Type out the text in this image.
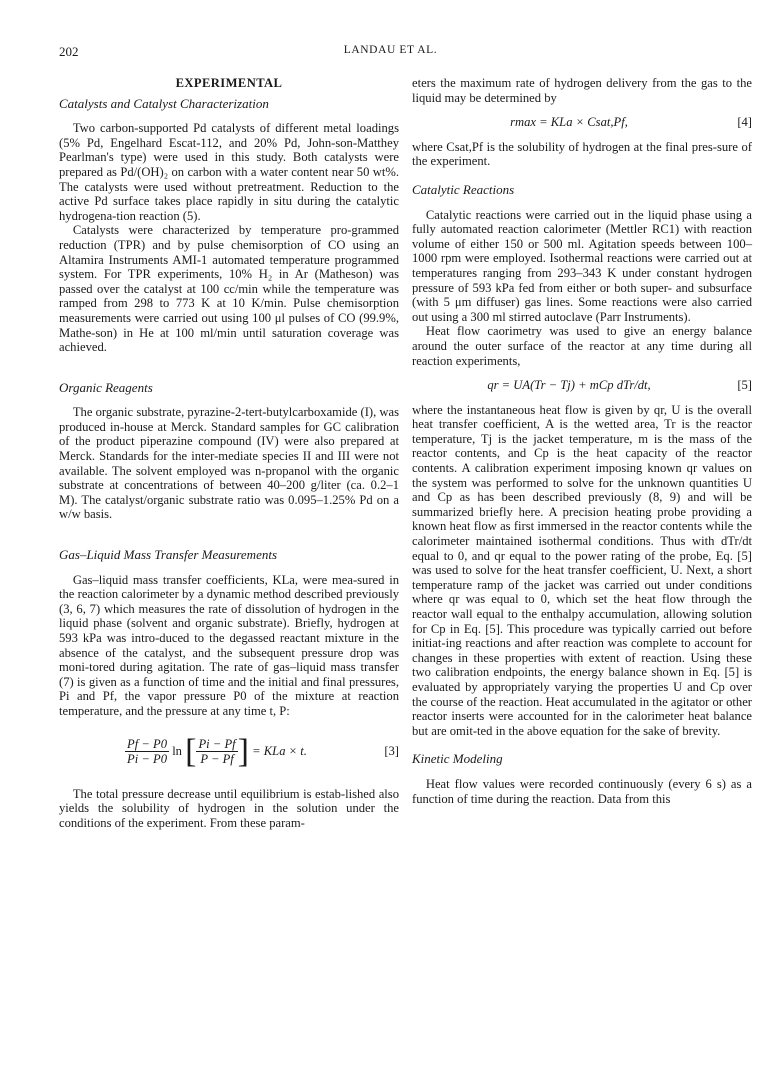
202	LANDAU ET AL.
EXPERIMENTAL
Catalysts and Catalyst Characterization

Two carbon-supported Pd catalysts of different metal loadings (5% Pd, Engelhard Escat-112, and 20% Pd, John-son-Matthey Pearlman's type) were used in this study. Both catalysts were prepared as Pd/(OH)₂ on carbon with a water content near 50 wt%. The catalysts were used without pretreatment. Reduction to the active Pd surface takes place rapidly in situ during the catalytic hydrogena-tion reaction (5).

Catalysts were characterized by temperature pro-grammed reduction (TPR) and by pulse chemisorption of CO using an Altamira Instruments AMI-1 automated temperature programmed system. For TPR experiments, 10% H₂ in Ar (Matheson) was passed over the catalyst at 100 cc/min while the temperature was ramped from 298 to 773 K at 10 K/min. Pulse chemisorption measurements were carried out using 100 μl pulses of CO (99.9%, Mathe-son) in He at 100 ml/min until saturation coverage was achieved.

Organic Reagents

The organic substrate, pyrazine-2-tert-butylcarboxamide (I), was produced in-house at Merck. Standard samples for GC calibration of the product piperazine compound (IV) were also prepared at Merck. Standards for the inter-mediate species II and III were not available. The solvent employed was n-propanol with the organic substrate at concentrations of between 40–200 g/liter (ca. 0.2–1 M). The catalyst/organic substrate ratio was 0.095–1.25% Pd on a w/w basis.

Gas–Liquid Mass Transfer Measurements

Gas–liquid mass transfer coefficients, KLa, were mea-sured in the reaction calorimeter by a dynamic method described previously (3, 6, 7) which measures the rate of dissolution of hydrogen in the liquid phase (solvent and organic substrate). Briefly, hydrogen at 593 kPa was intro-duced to the degassed reactant mixture in the absence of the catalyst, and the subsequent pressure drop was moni-tored during agitation. The rate of gas–liquid mass transfer (7) is given as a function of time and the initial and final pressures, Pi and Pf, the vapor pressure P0 of the mixture at reaction temperature, and the pressure at any time t, P:

$\frac{Pf - P0}{Pi - P0}$ ln [ $\frac{Pi - Pf}{P - Pf}$ ] = KLa × t.	[3]

The total pressure decrease until equilibrium is estab-lished also yields the solubility of hydrogen in the solution under the conditions of the experiment. From these param-

eters the maximum rate of hydrogen delivery from the gas to the liquid may be determined by

rmax = KLa × Csat,Pf,	[4]

where Csat,Pf is the solubility of hydrogen at the final pres-sure of the experiment.

Catalytic Reactions

Catalytic reactions were carried out in the liquid phase using a fully automated reaction calorimeter (Mettler RC1) with reaction volume of either 150 or 500 ml. Agitation speeds between 100–1000 rpm were employed. Isothermal reactions were carried out at temperatures ranging from 293–343 K under constant hydrogen pressure of 593 kPa fed from either or both super- and subsurface (with 5 μm diffuser) gas lines. Some reactions were also carried out using a 300 ml stirred autoclave (Parr Instruments).

Heat flow caorimetry was used to give an energy balance around the outer surface of the reactor at any time during all reaction experiments,

qr = UA(Tr − Tj) + mCp dTr/dt,	[5]

where the instantaneous heat flow is given by qr, U is the overall heat transfer coefficient, A is the wetted area, Tr is the reactor temperature, Tj is the jacket temperature, m is the mass of the reactor contents, and Cp is the heat capacity of the reactor contents. A calibration experiment imposing known qr values on the system was performed to solve for the unknown quantities U and Cp as has been described previously (8, 9) and will be summarized briefly here. A precision heating probe providing a known heat flow as first immersed in the reactor contents while the calorimeter maintained isothermal conditions. Thus with dTr/dt equal to 0, and qr equal to the power rating of the probe, Eq. [5] was used to solve for the heat transfer coefficient, U. Next, a short temperature ramp of the jacket was carried out under conditions where qr was equal to 0, which set the heat flow through the reactor wall equal to the enthalpy accumulation, allowing solution for Cp in Eq. [5]. This procedure was typically carried out before initiat-ing reactions and after reaction was complete to account for changes in these properties with extent of reaction. Using these two calibration endpoints, the energy balance shown in Eq. [5] is evaluated by appropriately varying the properties U and Cp over the course of the reaction. Heat accumulated in the agitator or other reactor inserts were accounted for in the calorimeter heat balance but are omit-ted in the above equation for the sake of brevity.

Kinetic Modeling

Heat flow values were recorded continuously (every 6 s) as a function of time during the reaction. Data from this
